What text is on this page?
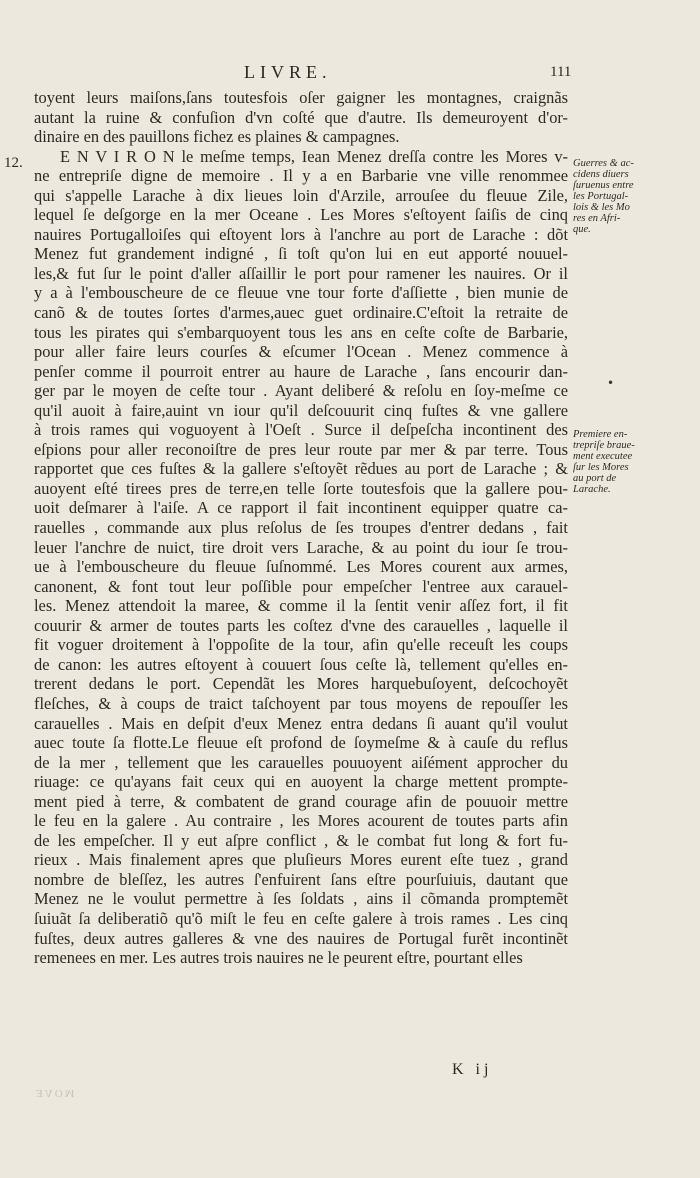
LIVRE.	111
12.
toyent leurs maiſons,ſans toutesfois oſer gaigner les montagnes, craignãs
autant la ruine & confuſion d'vn coſté que d'autre. Ils demeuroyent d'or-
dinaire en des pauillons fichez es plaines & campagnes.
E N V I R O N le meſme temps, Iean Menez dreſſa contre les Mores v-
ne entrepriſe digne de memoire . Il y a en Barbarie vne ville renommee
qui s'appelle Larache à dix lieues loin d'Arzile, arrouſee du fleuue Zile,
lequel ſe deſgorge en la mer Oceane . Les Mores s'eſtoyent ſaiſis de cinq
nauires Portugalloiſes qui eſtoyent lors à l'anchre au port de Larache : dõt
Menez fut grandement indigné , ſi toſt qu'on lui en eut apporté nouuel-
les,& fut ſur le point d'aller aſſaillir le port pour ramener les nauires. Or il
y a à l'embouscheure de ce fleuue vne tour forte d'aſſiette , bien munie de
canõ & de toutes ſortes d'armes,auec guet ordinaire.C'eſtoit la retraite de
tous les pirates qui s'embarquoyent tous les ans en ceſte coſte de Barbarie,
pour aller faire leurs courſes & eſcumer l'Ocean . Menez commence à
penſer comme il pourroit entrer au haure de Larache , ſans encourir dan-
ger par le moyen de ceſte tour . Ayant deliberé & reſolu en ſoy-meſme ce
qu'il auoit à faire,auint vn iour qu'il deſcouurit cinq fuſtes & vne gallere
à trois rames qui voguoyent à l'Oeſt . Surce il deſpeſcha incontinent des
eſpions pour aller reconoiſtre de pres leur route par mer & par terre. Tous
rapportet que ces fuſtes & la gallere s'eſtoyẽt rẽdues au port de Larache ; &
auoyent eſté tirees pres de terre,en telle ſorte toutesfois que la gallere pou-
uoit deſmarer à l'aiſe. A ce rapport il fait incontinent equipper quatre ca-
rauelles , commande aux plus reſolus de ſes troupes d'entrer dedans , fait
leuer l'anchre de nuict, tire droit vers Larache, & au point du iour ſe trou-
ue à l'embouscheure du fleuue ſuſnommé. Les Mores courent aux armes,
canonent, & font tout leur poſſible pour empeſcher l'entree aux carauel-
les. Menez attendoit la maree, & comme il la ſentit venir aſſez fort, il fit
couurir & armer de toutes parts les coſtez d'vne des carauelles , laquelle il
fit voguer droitement à l'oppoſite de la tour, afin qu'elle receuſt les coups
de canon: les autres eſtoyent à couuert ſous ceſte là, tellement qu'elles en-
trerent dedans le port. Cependãt les Mores harquebuſoyent, deſcochoyẽt
fleſches, & à coups de traict taſchoyent par tous moyens de repouſſer les
carauelles . Mais en deſpit d'eux Menez entra dedans ſi auant qu'il voulut
auec toute ſa flotte.Le fleuue eſt profond de ſoymeſme & à cauſe du reflus
de la mer , tellement que les carauelles pouuoyent aiſément approcher du
riuage: ce qu'ayans fait ceux qui en auoyent la charge mettent prompte-
ment pied à terre, & combatent de grand courage afin de pouuoir mettre
le feu en la galere . Au contraire , les Mores acourent de toutes parts afin
de les empeſcher. Il y eut aſpre conflict , & le combat fut long & fort fu-
rieux . Mais finalement apres que pluſieurs Mores eurent eſte tuez , grand
nombre de bleſſez, les autres ſ'enfuirent ſans eſtre pourſuiuis, dautant que
Menez ne le voulut permettre à ſes ſoldats , ains il cõmanda promptemẽt
ſuiuãt ſa deliberatiõ qu'õ miſt le feu en ceſte galere à trois rames . Les cinq
fuſtes, deux autres galleres & vne des nauires de Portugal furẽt incontinẽt
remenees en mer. Les autres trois nauires ne le peurent eſtre, pourtant elles
Guerres & ac-
cidens diuers
ſuruenus entre
les Portugal-
lois & les Mo
res en Afri-
que.
Premiere en-
trepriſe braue-
ment executee
ſur les Mores
au port de
Larache.
•
K ij
ƎɅOM
